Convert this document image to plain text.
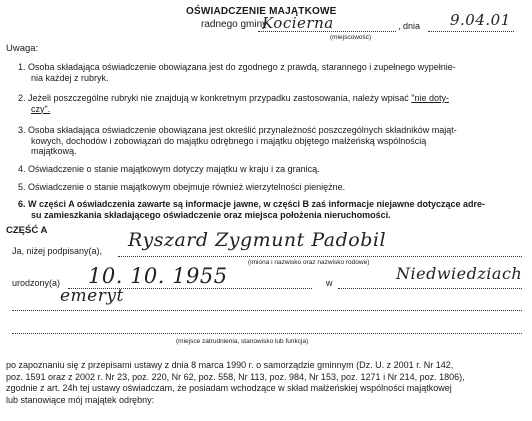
OŚWIADCZENIE MAJĄTKOWE
radnego gminy
Kocierna
(miejscowość)
, dnia 9.04.01
Uwaga:
1. Osoba składająca oświadczenie obowiązana jest do zgodnego z prawdą, starannego i zupełnego wypełnie-
nia każdej z rubryk.
2. Jeżeli poszczególne rubryki nie znajdują w konkretnym przypadku zastosowania, należy wpisać "nie doty-
czy".
3. Osoba składająca oświadczenie obowiązana jest określić przynależność poszczególnych składników mająt-
kowych, dochodów i zobowiązań do majątku odrębnego i majątku objętego małżeńską wspólnością
majątkową.
4. Oświadczenie o stanie majątkowym dotyczy majątku w kraju i za granicą.
5. Oświadczenie o stanie majątkowym obejmuje również wierzytelności pieniężne.
6. W części A oświadczenia zawarte są informacje jawne, w części B zaś informacje niejawne dotyczące adre-
su zamieszkania składającego oświadczenie oraz miejsca położenia nieruchomości.
CZĘŚĆ A
Ja, niżej podpisany(a), Ryszard Zygmunt Padobil
(imiona i nazwisko oraz nazwisko rodowe)
urodzony(a) 10. 10. 1955	w	Niedwiedziach
emeryt
(miejsce zatrudnienia, stanowisko lub funkcja)
po zapoznaniu się z przepisami ustawy z dnia 8 marca 1990 r. o samorządzie gminnym (Dz. U. z 2001 r. Nr 142,
poz. 1591 oraz z 2002 r. Nr 23, poz. 220, Nr 62, poz. 558, Nr 113, poz. 984, Nr 153, poz. 1271 i Nr 214, poz. 1806),
zgodnie z art. 24h tej ustawy oświadczam, że posiadam wchodzące w skład małżeńskiej wspólności majątkowej
lub stanowiące mój majątek odrębny:
